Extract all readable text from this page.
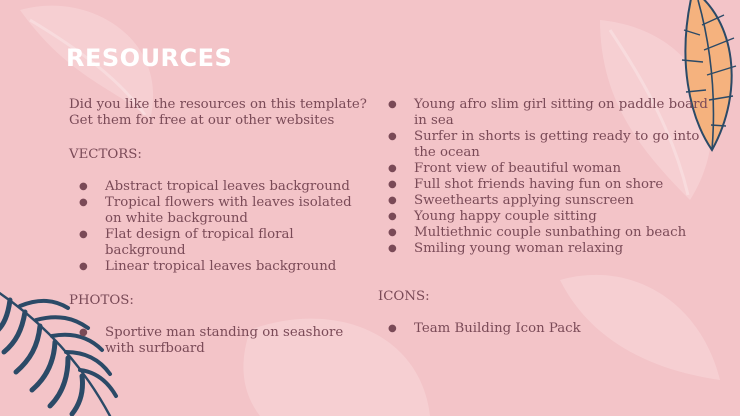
RESOURCES

Did you like the resources on this template?
Get them for free at our other websites

VECTORS:

● Abstract tropical leaves background
● Tropical flowers with leaves isolated on white background
● Flat design of tropical floral background
● Linear tropical leaves background

PHOTOS:

● Sportive man standing on seashore with surfboard
● Young afro slim girl sitting on paddle board in sea
● Surfer in shorts is getting ready to go into the ocean
● Front view of beautiful woman
● Full shot friends having fun on shore
● Sweethearts applying sunscreen
● Young happy couple sitting
● Multiethnic couple sunbathing on beach
● Smiling young woman relaxing

ICONS:

● Team Building Icon Pack
